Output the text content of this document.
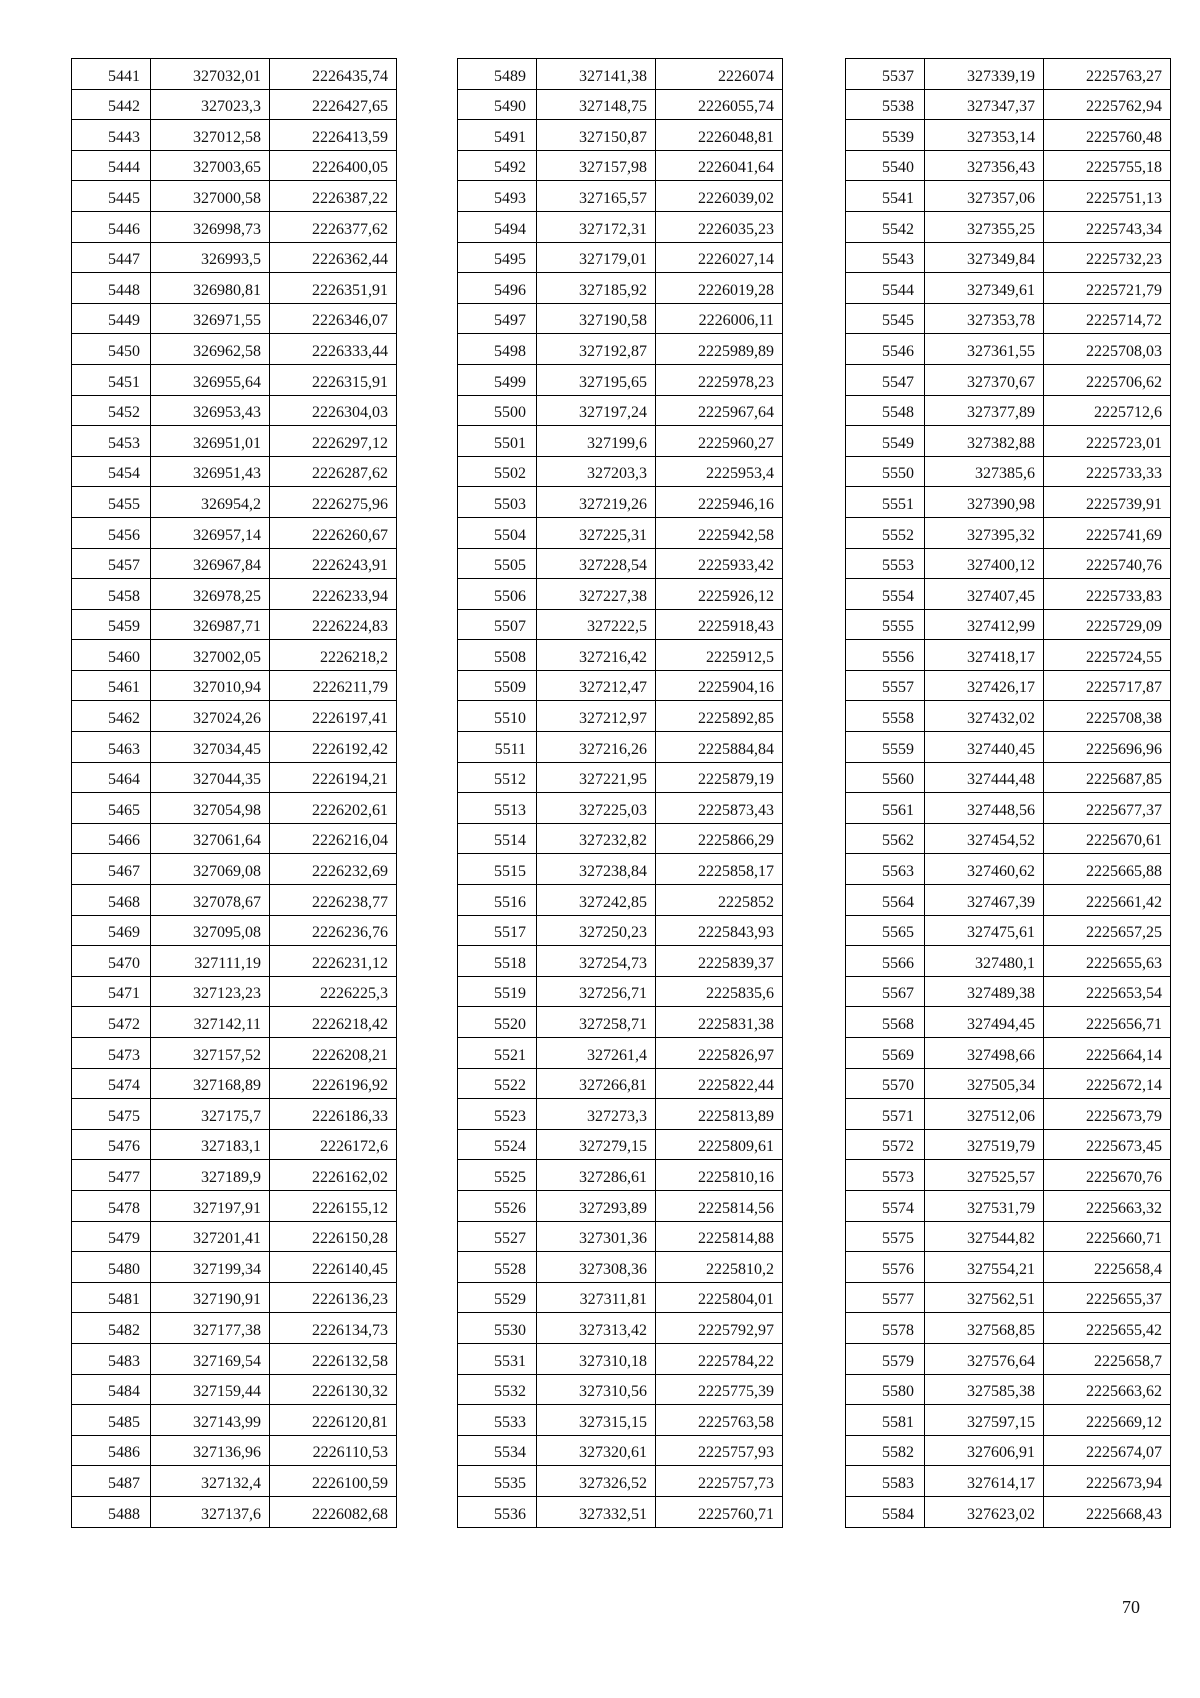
5441	327032,01	2226435,74
5442	327023,3	2226427,65
5443	327012,58	2226413,59
5444	327003,65	2226400,05
5445	327000,58	2226387,22
5446	326998,73	2226377,62
5447	326993,5	2226362,44
5448	326980,81	2226351,91
5449	326971,55	2226346,07
5450	326962,58	2226333,44
5451	326955,64	2226315,91
5452	326953,43	2226304,03
5453	326951,01	2226297,12
5454	326951,43	2226287,62
5455	326954,2	2226275,96
5456	326957,14	2226260,67
5457	326967,84	2226243,91
5458	326978,25	2226233,94
5459	326987,71	2226224,83
5460	327002,05	2226218,2
5461	327010,94	2226211,79
5462	327024,26	2226197,41
5463	327034,45	2226192,42
5464	327044,35	2226194,21
5465	327054,98	2226202,61
5466	327061,64	2226216,04
5467	327069,08	2226232,69
5468	327078,67	2226238,77
5469	327095,08	2226236,76
5470	327111,19	2226231,12
5471	327123,23	2226225,3
5472	327142,11	2226218,42
5473	327157,52	2226208,21
5474	327168,89	2226196,92
5475	327175,7	2226186,33
5476	327183,1	2226172,6
5477	327189,9	2226162,02
5478	327197,91	2226155,12
5479	327201,41	2226150,28
5480	327199,34	2226140,45
5481	327190,91	2226136,23
5482	327177,38	2226134,73
5483	327169,54	2226132,58
5484	327159,44	2226130,32
5485	327143,99	2226120,81
5486	327136,96	2226110,53
5487	327132,4	2226100,59
5488	327137,6	2226082,68
5489	327141,38	2226074
5490	327148,75	2226055,74
5491	327150,87	2226048,81
5492	327157,98	2226041,64
5493	327165,57	2226039,02
5494	327172,31	2226035,23
5495	327179,01	2226027,14
5496	327185,92	2226019,28
5497	327190,58	2226006,11
5498	327192,87	2225989,89
5499	327195,65	2225978,23
5500	327197,24	2225967,64
5501	327199,6	2225960,27
5502	327203,3	2225953,4
5503	327219,26	2225946,16
5504	327225,31	2225942,58
5505	327228,54	2225933,42
5506	327227,38	2225926,12
5507	327222,5	2225918,43
5508	327216,42	2225912,5
5509	327212,47	2225904,16
5510	327212,97	2225892,85
5511	327216,26	2225884,84
5512	327221,95	2225879,19
5513	327225,03	2225873,43
5514	327232,82	2225866,29
5515	327238,84	2225858,17
5516	327242,85	2225852
5517	327250,23	2225843,93
5518	327254,73	2225839,37
5519	327256,71	2225835,6
5520	327258,71	2225831,38
5521	327261,4	2225826,97
5522	327266,81	2225822,44
5523	327273,3	2225813,89
5524	327279,15	2225809,61
5525	327286,61	2225810,16
5526	327293,89	2225814,56
5527	327301,36	2225814,88
5528	327308,36	2225810,2
5529	327311,81	2225804,01
5530	327313,42	2225792,97
5531	327310,18	2225784,22
5532	327310,56	2225775,39
5533	327315,15	2225763,58
5534	327320,61	2225757,93
5535	327326,52	2225757,73
5536	327332,51	2225760,71
5537	327339,19	2225763,27
5538	327347,37	2225762,94
5539	327353,14	2225760,48
5540	327356,43	2225755,18
5541	327357,06	2225751,13
5542	327355,25	2225743,34
5543	327349,84	2225732,23
5544	327349,61	2225721,79
5545	327353,78	2225714,72
5546	327361,55	2225708,03
5547	327370,67	2225706,62
5548	327377,89	2225712,6
5549	327382,88	2225723,01
5550	327385,6	2225733,33
5551	327390,98	2225739,91
5552	327395,32	2225741,69
5553	327400,12	2225740,76
5554	327407,45	2225733,83
5555	327412,99	2225729,09
5556	327418,17	2225724,55
5557	327426,17	2225717,87
5558	327432,02	2225708,38
5559	327440,45	2225696,96
5560	327444,48	2225687,85
5561	327448,56	2225677,37
5562	327454,52	2225670,61
5563	327460,62	2225665,88
5564	327467,39	2225661,42
5565	327475,61	2225657,25
5566	327480,1	2225655,63
5567	327489,38	2225653,54
5568	327494,45	2225656,71
5569	327498,66	2225664,14
5570	327505,34	2225672,14
5571	327512,06	2225673,79
5572	327519,79	2225673,45
5573	327525,57	2225670,76
5574	327531,79	2225663,32
5575	327544,82	2225660,71
5576	327554,21	2225658,4
5577	327562,51	2225655,37
5578	327568,85	2225655,42
5579	327576,64	2225658,7
5580	327585,38	2225663,62
5581	327597,15	2225669,12
5582	327606,91	2225674,07
5583	327614,17	2225673,94
5584	327623,02	2225668,43
70
